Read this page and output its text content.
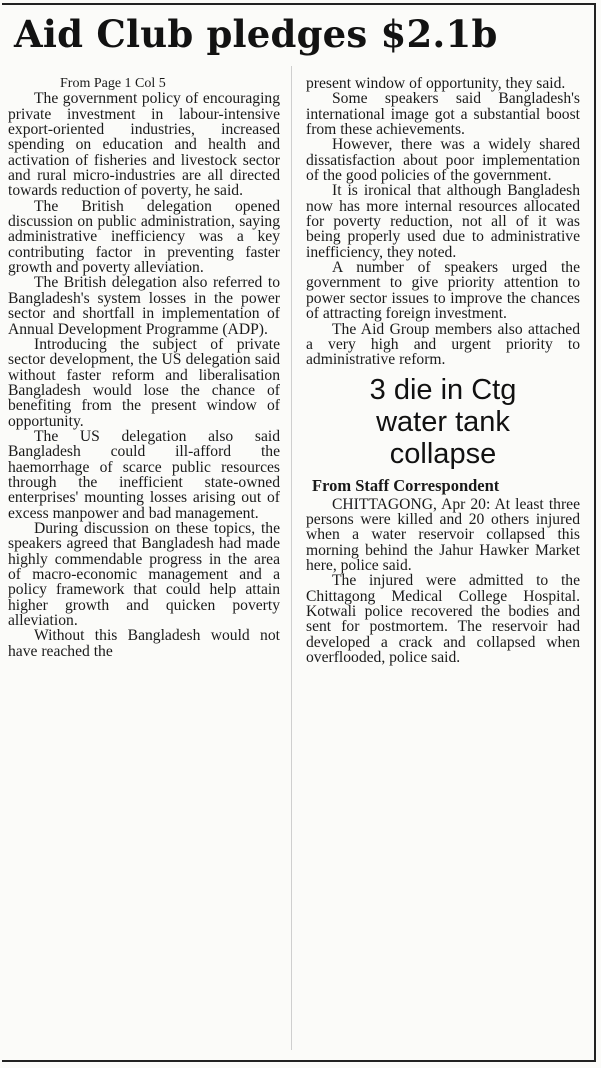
Aid Club pledges $2.1b
From Page 1 Col 5

The government policy of encouraging private investment in labour-intensive export-oriented industries, increased spending on education and health and activation of fisheries and livestock sector and rural micro-industries are all directed towards reduction of poverty, he said.

The British delegation opened discussion on public administration, saying administrative inefficiency was a key contributing factor in preventing faster growth and poverty alleviation.

The British delegation also referred to Bangladesh's system losses in the power sector and shortfall in implementation of Annual Development Programme (ADP).

Introducing the subject of private sector development, the US delegation said without faster reform and liberalisation Bangladesh would lose the chance of benefiting from the present window of opportunity.

The US delegation also said Bangladesh could ill-afford the haemorrhage of scarce public resources through the inefficient state-owned enterprises' mounting losses arising out of excess manpower and bad management.

During discussion on these topics, the speakers agreed that Bangladesh had made highly commendable progress in the area of macro-economic management and a policy framework that could help attain higher growth and quicken poverty alleviation.

Without this Bangladesh would not have reached the

present window of opportunity, they said.

Some speakers said Bangladesh's international image got a substantial boost from these achievements.

However, there was a widely shared dissatisfaction about poor implementation of the good policies of the government.

It is ironical that although Bangladesh now has more internal resources allocated for poverty reduction, not all of it was being properly used due to administrative inefficiency, they noted.

A number of speakers urged the government to give priority attention to power sector issues to improve the chances of attracting foreign investment.

The Aid Group members also attached a very high and urgent priority to administrative reform.

3 die in Ctg
water tank
collapse
From Staff Correspondent

CHITTAGONG, Apr 20: At least three persons were killed and 20 others injured when a water reservoir collapsed this morning behind the Jahur Hawker Market here, police said.

The injured were admitted to the Chittagong Medical College Hospital. Kotwali police recovered the bodies and sent for postmortem. The reservoir had developed a crack and collapsed when overflooded, police said.
